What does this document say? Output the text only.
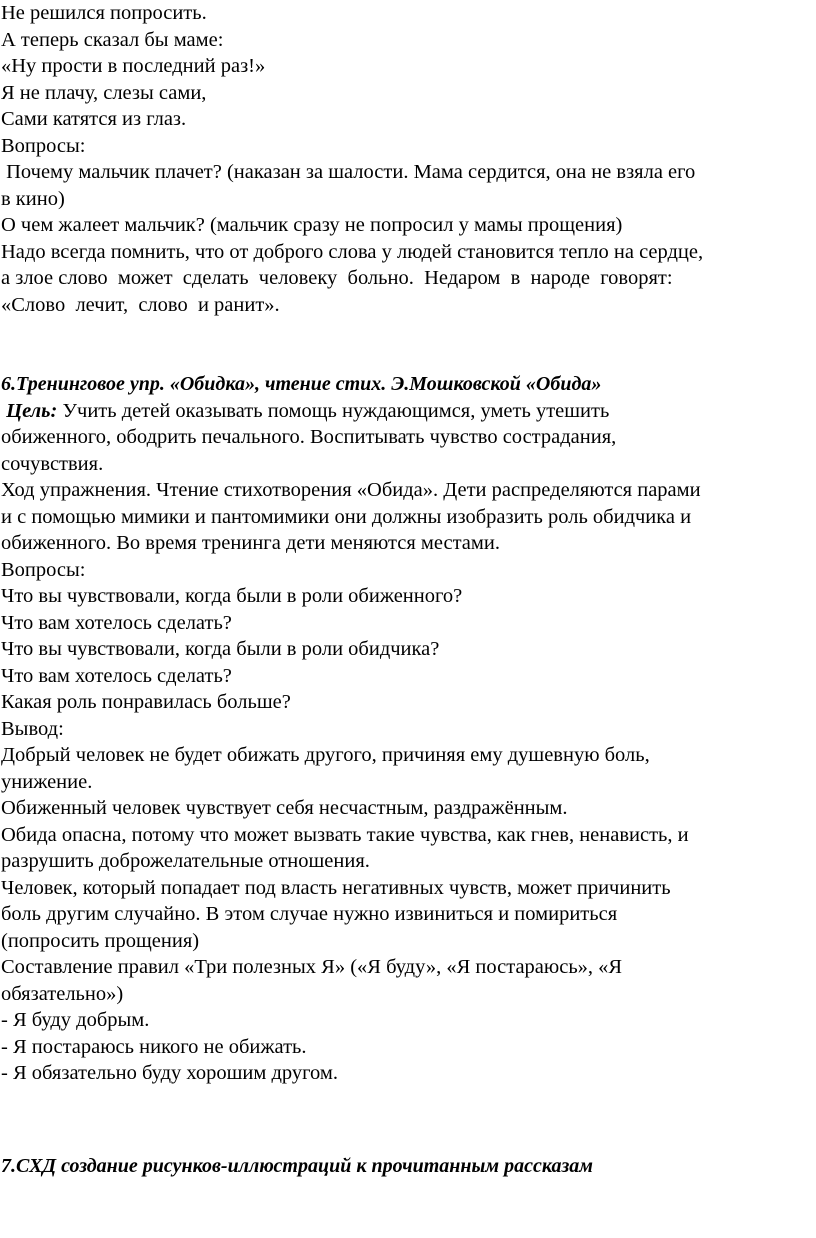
Не решился попросить.

А теперь сказал бы маме:

«Ну прости в последний раз!»

Я не плачу, слезы сами,

Сами катятся из глаз.

Вопросы:

Почему мальчик плачет? (наказан за шалости. Мама сердится, она не взяла его

в кино)

О чем жалеет мальчик? (мальчик сразу не попросил у мамы прощения)

Надо всегда помнить, что от доброго слова у людей становится тепло на сердце,

а злое слово  может  сделать  человеку  больно.  Недаром  в  народе  говорят:

«Слово  лечит,  слово  и ранит».

6.Тренинговое упр. «Обидка», чтение стих. Э.Мошковской «Обида»

Цель: Учить детей оказывать помощь нуждающимся, уметь утешить

обиженного, ободрить печального. Воспитывать чувство сострадания,

сочувствия.

Ход упражнения. Чтение стихотворения «Обида». Дети распределяются парами

и с помощью мимики и пантомимики они должны изобразить роль обидчика и

обиженного. Во время тренинга дети меняются местами.

Вопросы:

Что вы чувствовали, когда были в роли обиженного?

Что вам хотелось сделать?

Что вы чувствовали, когда были в роли обидчика?

Что вам хотелось сделать?

Какая роль понравилась больше?

Вывод:

Добрый человек не будет обижать другого, причиняя ему душевную боль,

унижение.

Обиженный человек чувствует себя несчастным, раздражённым.

Обида опасна, потому что может вызвать такие чувства, как гнев, ненависть, и

разрушить доброжелательные отношения.

Человек, который попадает под власть негативных чувств, может причинить

боль другим случайно. В этом случае нужно извиниться и помириться

(попросить прощения)

Составление правил «Три полезных Я» («Я буду», «Я постараюсь», «Я

обязательно»)

- Я буду добрым.

- Я постараюсь никого не обижать.

- Я обязательно буду хорошим другом.

7.СХД создание рисунков-иллюстраций к прочитанным рассказам
